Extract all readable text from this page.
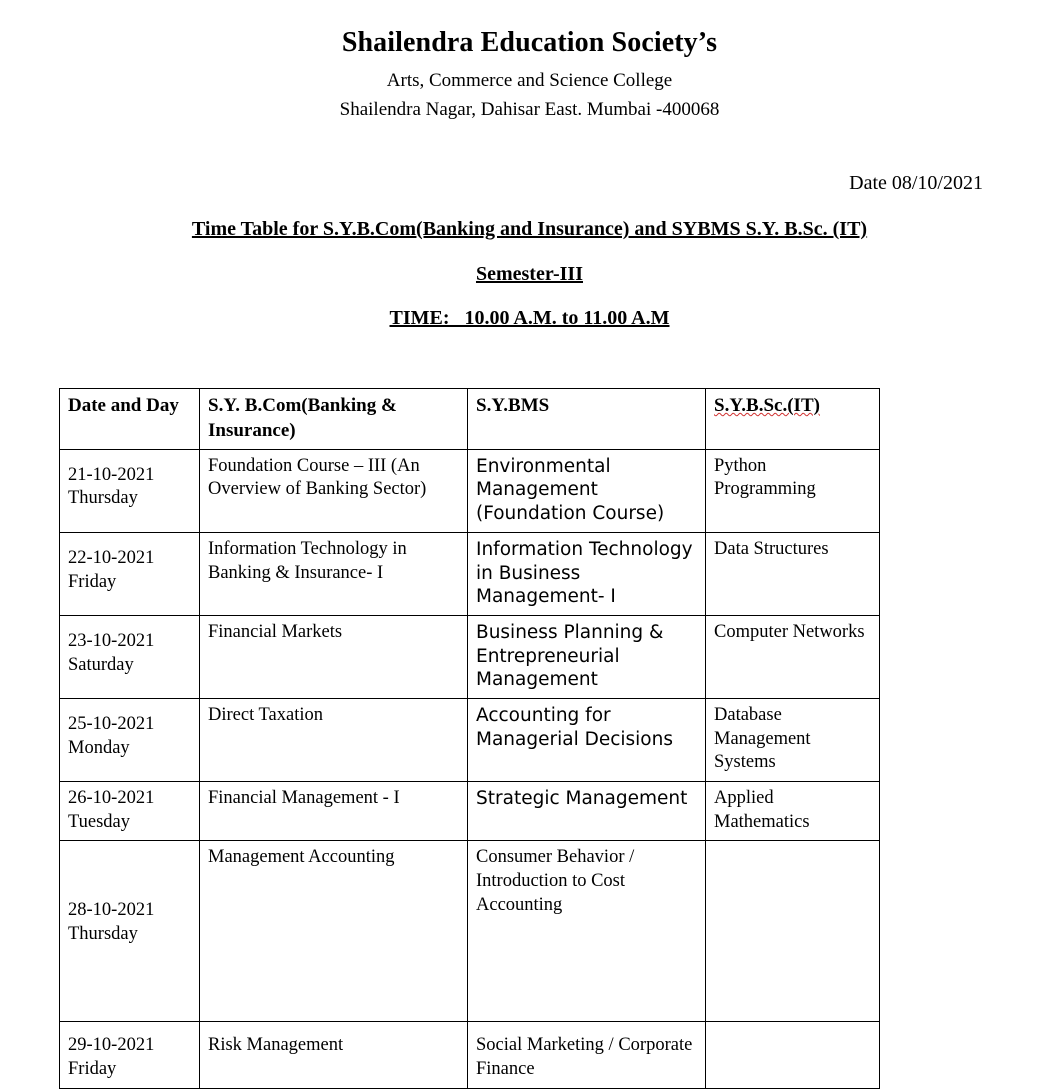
Shailendra Education Society’s
Arts, Commerce and Science College
Shailendra Nagar, Dahisar East. Mumbai -400068
Date 08/10/2021
Time Table for S.Y.B.Com(Banking and Insurance) and SYBMS S.Y. B.Sc. (IT)
Semester-III
TIME:_ 10.00 A.M. to 11.00 A.M
Date and Day	S.Y. B.Com(Banking & Insurance)	S.Y.BMS	S.Y.B.Sc.(IT)

21-10-2021
Thursday	Foundation Course – III (An Overview of Banking Sector)	Environmental Management (Foundation Course)	Python Programming

22-10-2021
Friday	Information Technology in Banking & Insurance- I	Information Technology in Business Management- I	Data Structures

23-10-2021
Saturday	Financial Markets	Business Planning & Entrepreneurial Management	Computer Networks

25-10-2021
Monday	Direct Taxation	Accounting for Managerial Decisions	Database Management Systems

26-10-2021
Tuesday	Financial Management - I	Strategic Management	Applied Mathematics

28-10-2021
Thursday	Management Accounting	Consumer Behavior / Introduction to Cost Accounting	

29-10-2021
Friday	Risk Management	Social Marketing / Corporate Finance	
